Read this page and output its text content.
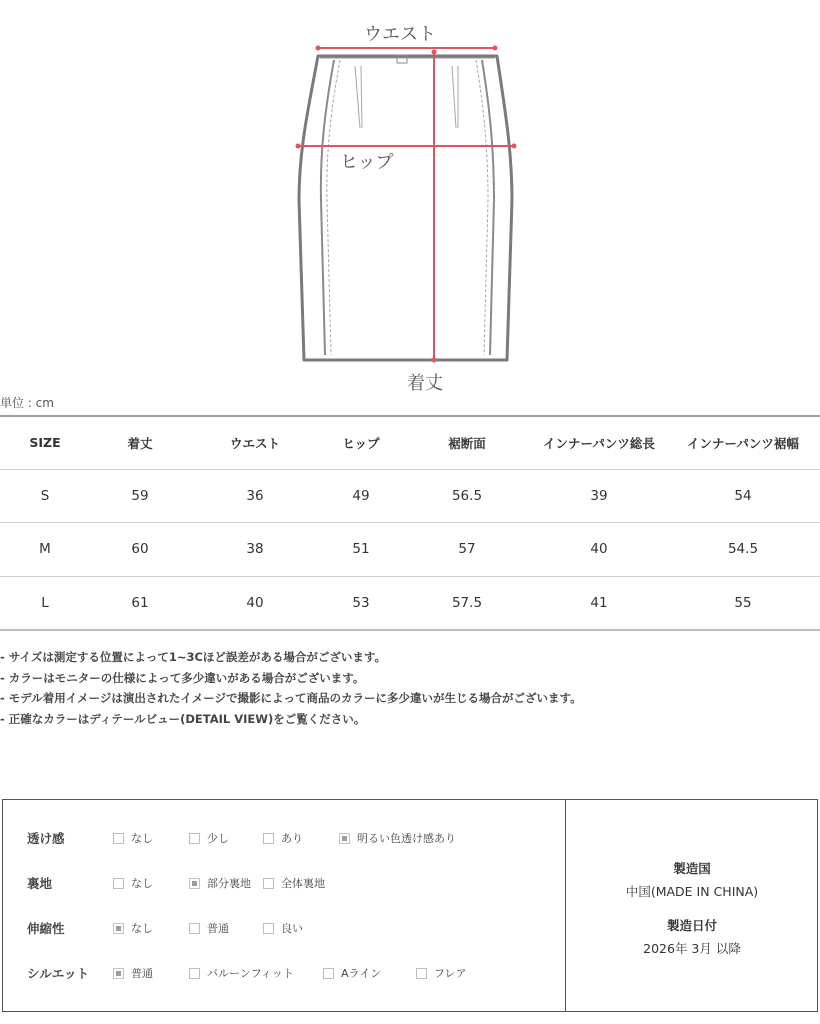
ウエスト
ヒップ
着丈
単位 : cm
SIZE	着丈	ウエスト	ヒップ	裾断面	インナーパンツ総長	インナーパンツ裾幅
S	59	36	49	56.5	39	54
M	60	38	51	57	40	54.5
L	61	40	53	57.5	41	55
- サイズは測定する位置によって1~3Cほど誤差がある場合がございます。
- カラーはモニターの仕様によって多少違いがある場合がございます。
- モデル着用イメージは演出されたイメージで撮影によって商品のカラーに多少違いが生じる場合がございます。
- 正確なカラーはディテールビュー(DETAIL VIEW)をご覧ください。
透け感	なし	少し	あり	明るい色透け感あり
裏地	なし	部分裏地	全体裏地
伸縮性	なし	普通	良い
シルエット	普通	バルーンフィット	Aライン	フレア
製造国
中国(MADE IN CHINA)
製造日付
2026年 3月 以降
